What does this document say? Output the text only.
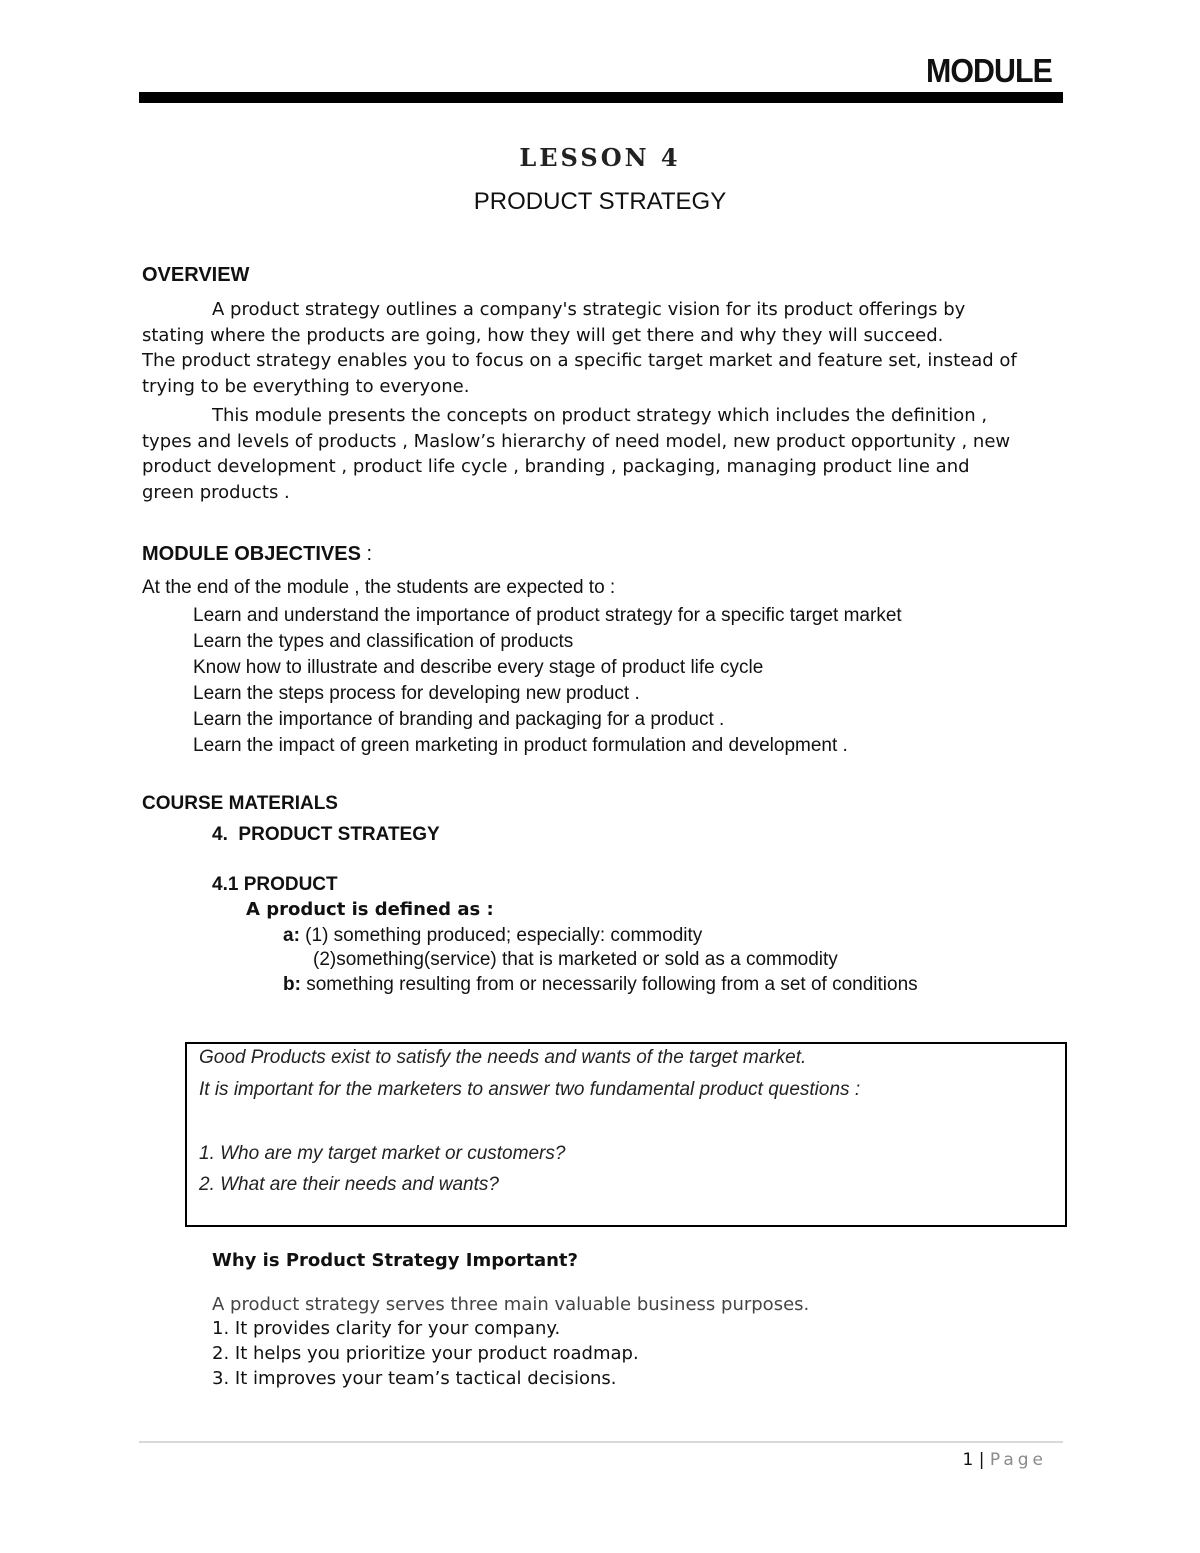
MODULE
LESSON 4
PRODUCT STRATEGY
OVERVIEW

A product strategy outlines a company's strategic vision for its product offerings by

stating where the products are going, how they will get there and why they will succeed.

The product strategy enables you to focus on a specific target market and feature set, instead of

trying to be everything to everyone.

This module presents the concepts on product strategy which includes the definition ,

types and levels of products , Maslow’s hierarchy of need model, new product opportunity , new

product development , product life cycle , branding , packaging, managing product line and

green products .

MODULE OBJECTIVES :
At the end of the module , the students are expected to :
Learn and understand the importance of product strategy for a specific target market
Learn the types and classification of products
Know how to illustrate and describe every stage of product life cycle
Learn the steps process for developing new product .
Learn the importance of branding and packaging for a product .
Learn the impact of green marketing in product formulation and development .
COURSE MATERIALS
4. PRODUCT STRATEGY
4.1 PRODUCT
A product is defined as :
a: (1) something produced; especially: commodity
(2)something(service) that is marketed or sold as a commodity
b: something resulting from or necessarily following from a set of conditions
Good Products exist to satisfy the needs and wants of the target market.
It is important for the marketers to answer two fundamental product questions :
1. Who are my target market or customers?
2. What are their needs and wants?
Why is Product Strategy Important?
A product strategy serves three main valuable business purposes.
1. It provides clarity for your company.
2. It helps you prioritize your product roadmap.
3. It improves your team’s tactical decisions.
1 | Page
